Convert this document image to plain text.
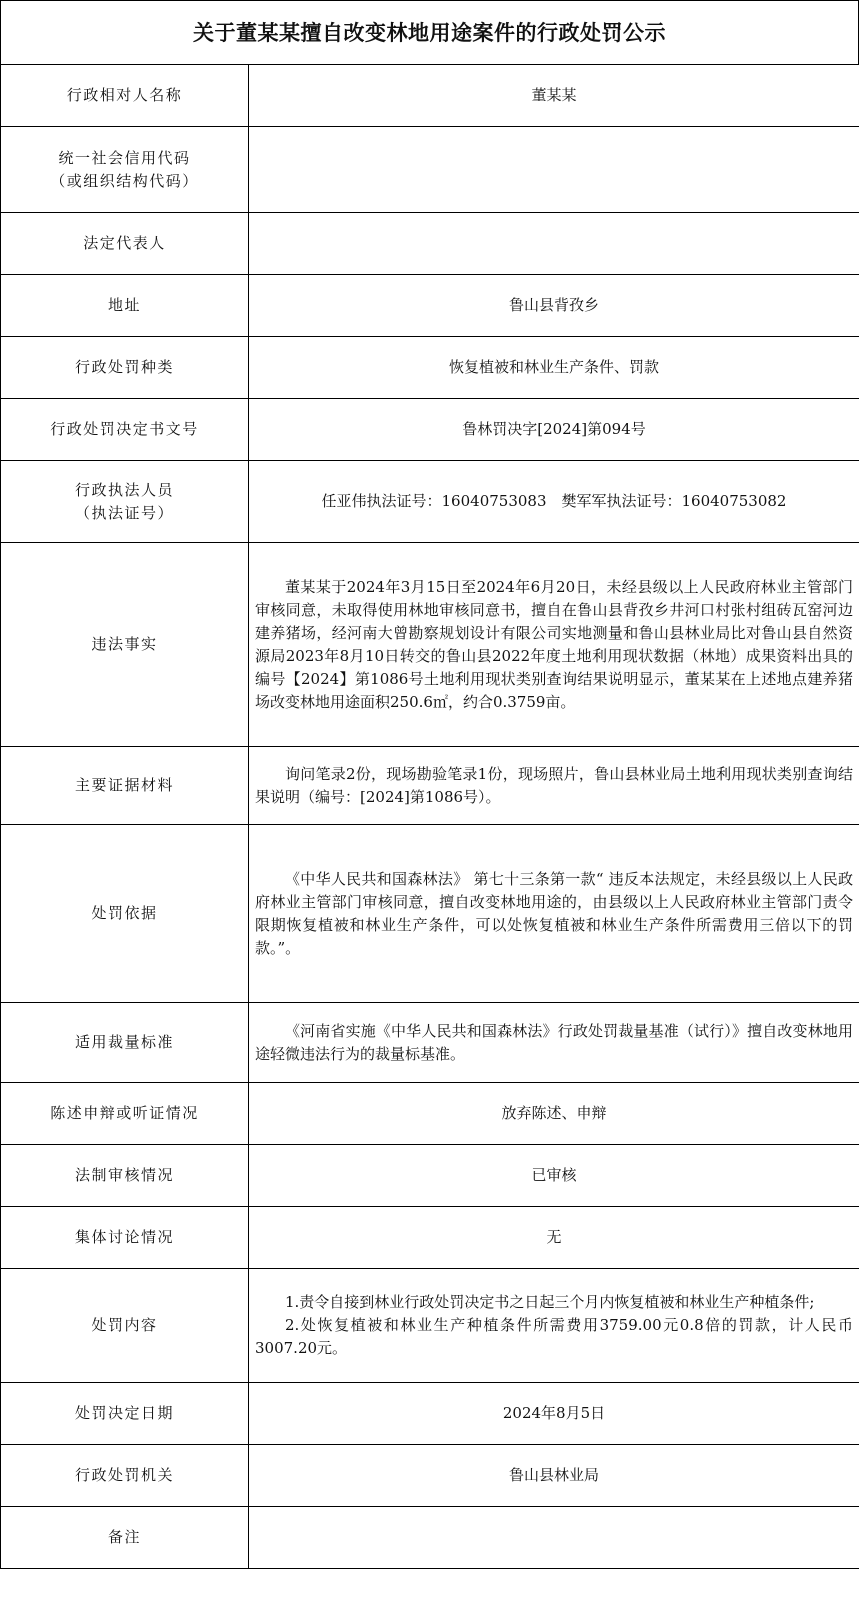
关于董某某擅自改变林地用途案件的行政处罚公示
行政相对人名称	董某某

统一社会信用代码
（或组织结构代码）	

法定代表人	
地址	鲁山县背孜乡
行政处罚种类	恢复植被和林业生产条件、罚款
行政处罚决定书文号	鲁林罚决字[2024]第094号

行政执法人员
（执法证号）	任亚伟执法证号：16040753083　樊军军执法证号：16040753082
违法事实	董某某于2024年3月15日至2024年6月20日，未经县级以上人民政府林业主管部门审核同意，未取得使用林地审核同意书，擅自在鲁山县背孜乡井河口村张村组砖瓦窑河边建养猪场，经河南大曾勘察规划设计有限公司实地测量和鲁山县林业局比对鲁山县自然资源局2023年8月10日转交的鲁山县2022年度土地利用现状数据（林地）成果资料出具的编号【2024】第1086号土地利用现状类别查询结果说明显示，董某某在上述地点建养猪场改变林地用途面积250.6㎡，约合0.3759亩。

主要证据材料	询问笔录2份，现场勘验笔录1份，现场照片，鲁山县林业局土地利用现状类别查询结果说明（编号：[2024]第1086号）。

处罚依据	《中华人民共和国森林法》 第七十三条第一款“ 违反本法规定，未经县级以上人民政府林业主管部门审核同意，擅自改变林地用途的，由县级以上人民政府林业主管部门责令限期恢复植被和林业生产条件，可以处恢复植被和林业生产条件所需费用三倍以下的罚款。”。

适用裁量标准	《河南省实施《中华人民共和国森林法》行政处罚裁量基准（试行）》擅自改变林地用途轻微违法行为的裁量标基准。

陈述申辩或听证情况	放弃陈述、申辩
法制审核情况	已审核
集体讨论情况	无
处罚内容	1.责令自接到林业行政处罚决定书之日起三个月内恢复植被和林业生产种植条件;

2.处恢复植被和林业生产种植条件所需费用3759.00元0.8倍的罚款，计人民币3007.20元。

处罚决定日期	2024年8月5日
行政处罚机关	鲁山县林业局
备注	
